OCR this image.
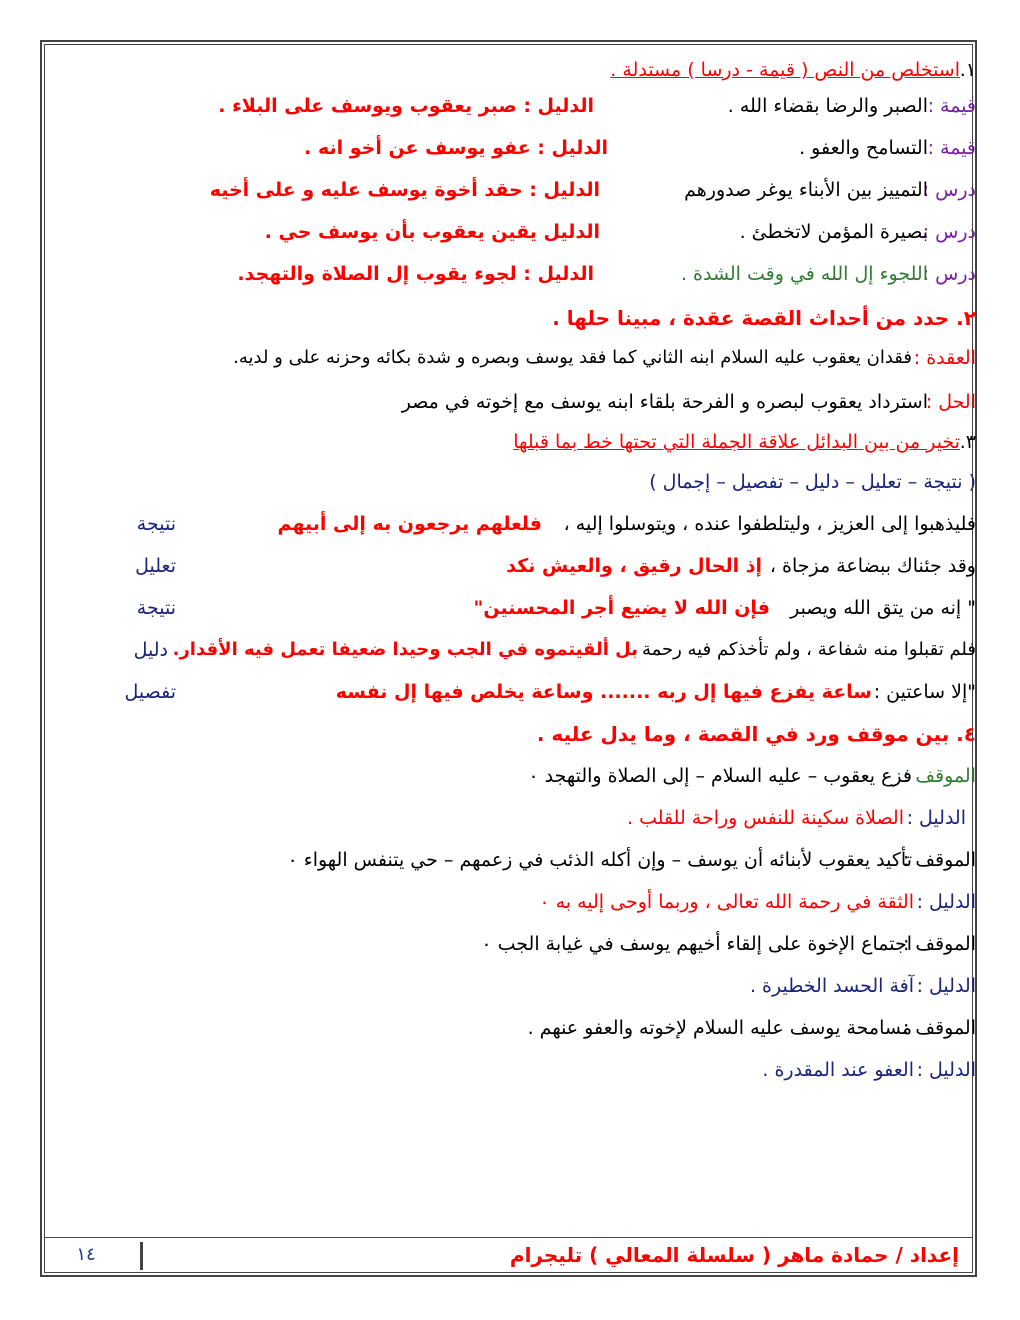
١.
استخلص من النص ( قيمة - درسا ) مستدلة .
قيمة :
الصبر والرضا بقضاء الله .
الدليل : صبر يعقوب ويوسف على البلاء .
قيمة :
التسامح والعفو .
الدليل : عفو يوسف عن أخو انه .
درس :
التمييز بين الأبناء يوغر صدورهم
الدليل : حقد أخوة يوسف عليه و على أخيه
درس :
بصيرة المؤمن لاتخطئ .
الدليل يقين يعقوب بأن يوسف حي .
درس :
اللجوء إل الله في وقت الشدة .
الدليل : لجوء يقوب إل الصلاة والتهجد.
٢. حدد من أحداث القصة عقدة ، مبينا حلها .
العقدة :
فقدان يعقوب عليه السلام ابنه الثاني كما فقد يوسف وبصره و شدة بكائه وحزنه على و لديه.
الحل :
استرداد يعقوب لبصره و الفرحة بلقاء ابنه يوسف مع إخوته في مصر
٣.
تخير من بين البدائل علاقة الجملة التي تحتها خط بما قبلها
( نتيجة – تعليل – دليل – تفصيل – إجمال )
فليذهبوا إلى العزيز ، وليتلطفوا عنده ، ويتوسلوا إليه ،
فلعلهم يرجعون به إلى أبيهم
نتيجة
وقد جئناك ببضاعة مزجاة ،
إذ الحال رقيق ، والعيش نكد
تعليل
" إنه من يتق الله ويصبر
فإن الله لا يضيع أجر المحسنين"
نتيجة
فلم تقبلوا منه شفاعة ، ولم تأخذكم فيه رحمة ،
بل ألقيتموه في الجب وحيدا ضعيفا تعمل فيه الأقدار.
دليل
"إلا ساعتين :
ساعة يفزع فيها إل ربه ....... وساعة يخلص فيها إل نفسه
تفصيل
٤. بين موقف ورد في القصة ، وما يدل عليه .
الموقف :
فزع يعقوب – عليه السلام – إلى الصلاة والتهجد ٠
الدليل :
الصلاة سكينة للنفس وراحة للقلب .
الموقف :
تأكيد يعقوب لأبنائه أن يوسف – وإن أكله الذئب في زعمهم – حي يتنفس الهواء ٠
الدليل :
الثقة في رحمة الله تعالى ، وربما أوحى إليه به ٠
الموقف :
اجتماع الإخوة على إلقاء أخيهم يوسف في غيابة الجب ٠
الدليل :
آفة الحسد الخطيرة .
الموقف :
مسامحة يوسف عليه السلام لإخوته والعفو عنهم .
الدليل :
العفو عند المقدرة .
إعداد / حمادة ماهر ( سلسلة المعالي ) تليجرام
١٤
